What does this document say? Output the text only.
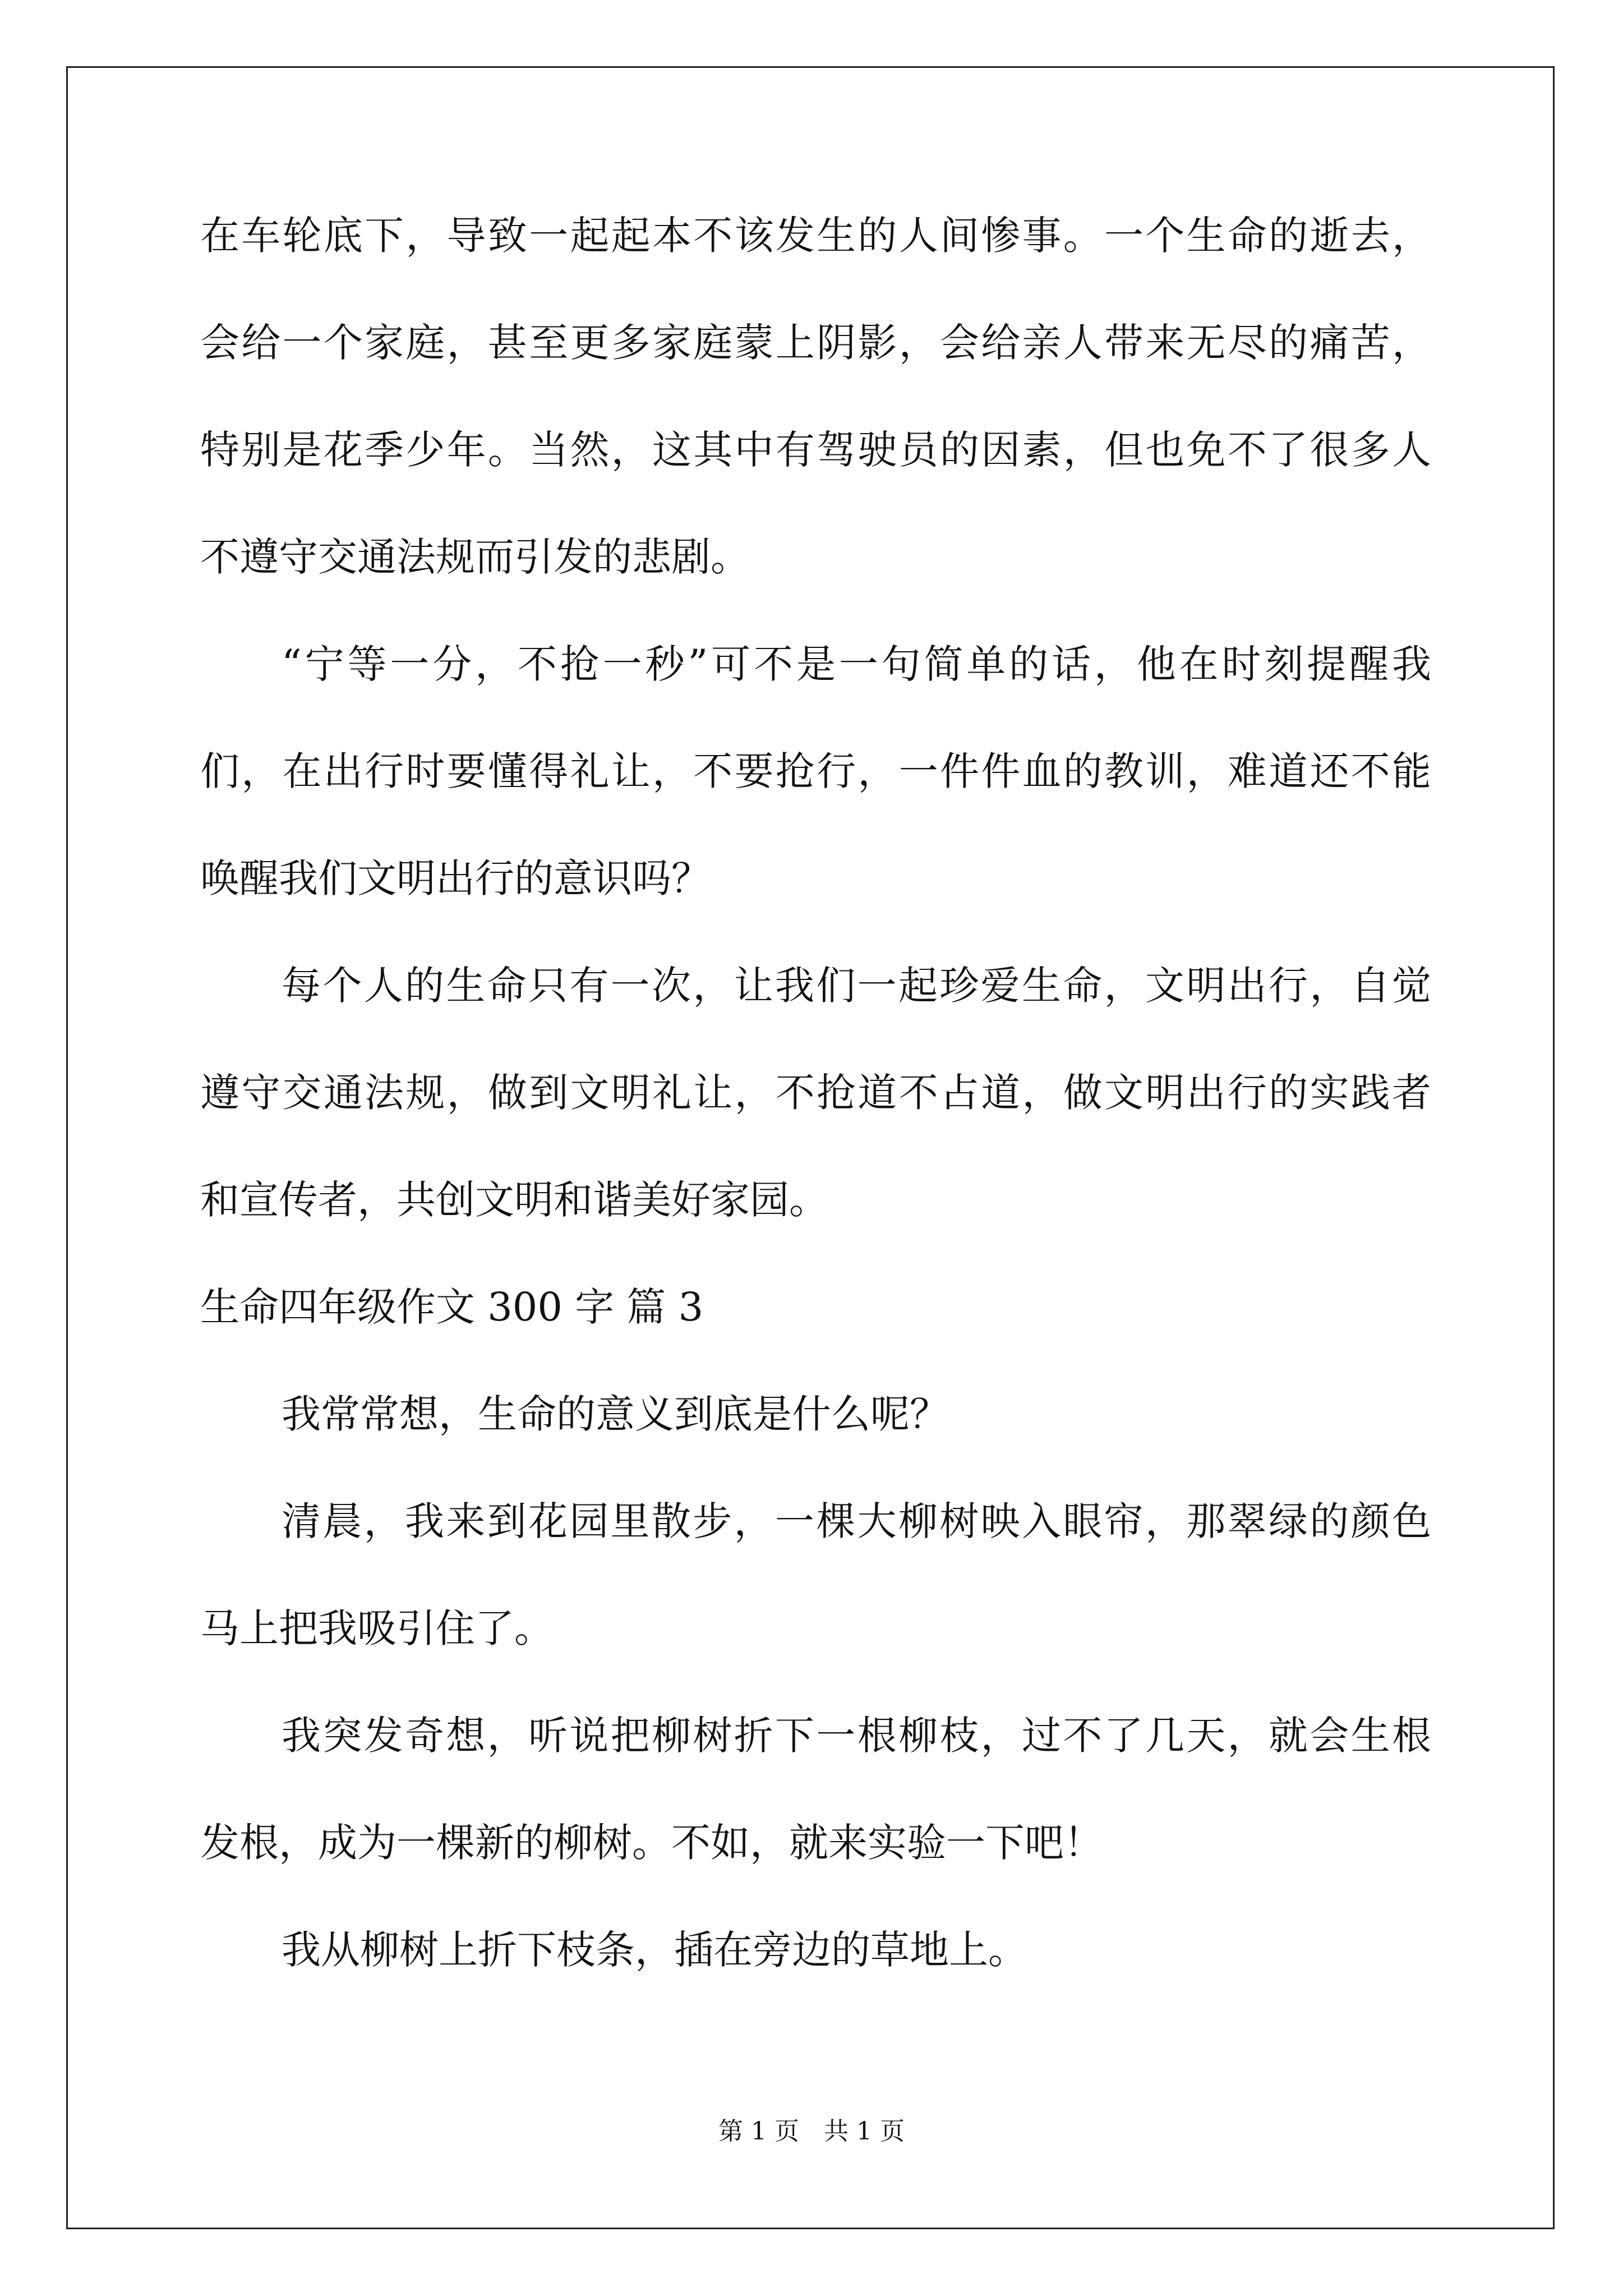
在车轮底下，导致一起起本不该发生的人间惨事。一个生命的逝去，
会给一个家庭，甚至更多家庭蒙上阴影，会给亲人带来无尽的痛苦，
特别是花季少年。当然，这其中有驾驶员的因素，但也免不了很多人
不遵守交通法规而引发的悲剧。
“宁等一分，不抢一秒”可不是一句简单的话，他在时刻提醒我
们，在出行时要懂得礼让，不要抢行，一件件血的教训，难道还不能
唤醒我们文明出行的意识吗？
每个人的生命只有一次，让我们一起珍爱生命，文明出行，自觉
遵守交通法规，做到文明礼让，不抢道不占道，做文明出行的实践者
和宣传者，共创文明和谐美好家园。
生命四年级作文 300 字 篇 3
我常常想，生命的意义到底是什么呢？
清晨，我来到花园里散步，一棵大柳树映入眼帘，那翠绿的颜色
马上把我吸引住了。
我突发奇想，听说把柳树折下一根柳枝，过不了几天，就会生根
发根，成为一棵新的柳树。不如，就来实验一下吧！
我从柳树上折下枝条，插在旁边的草地上。
第 1 页　共 1 页
